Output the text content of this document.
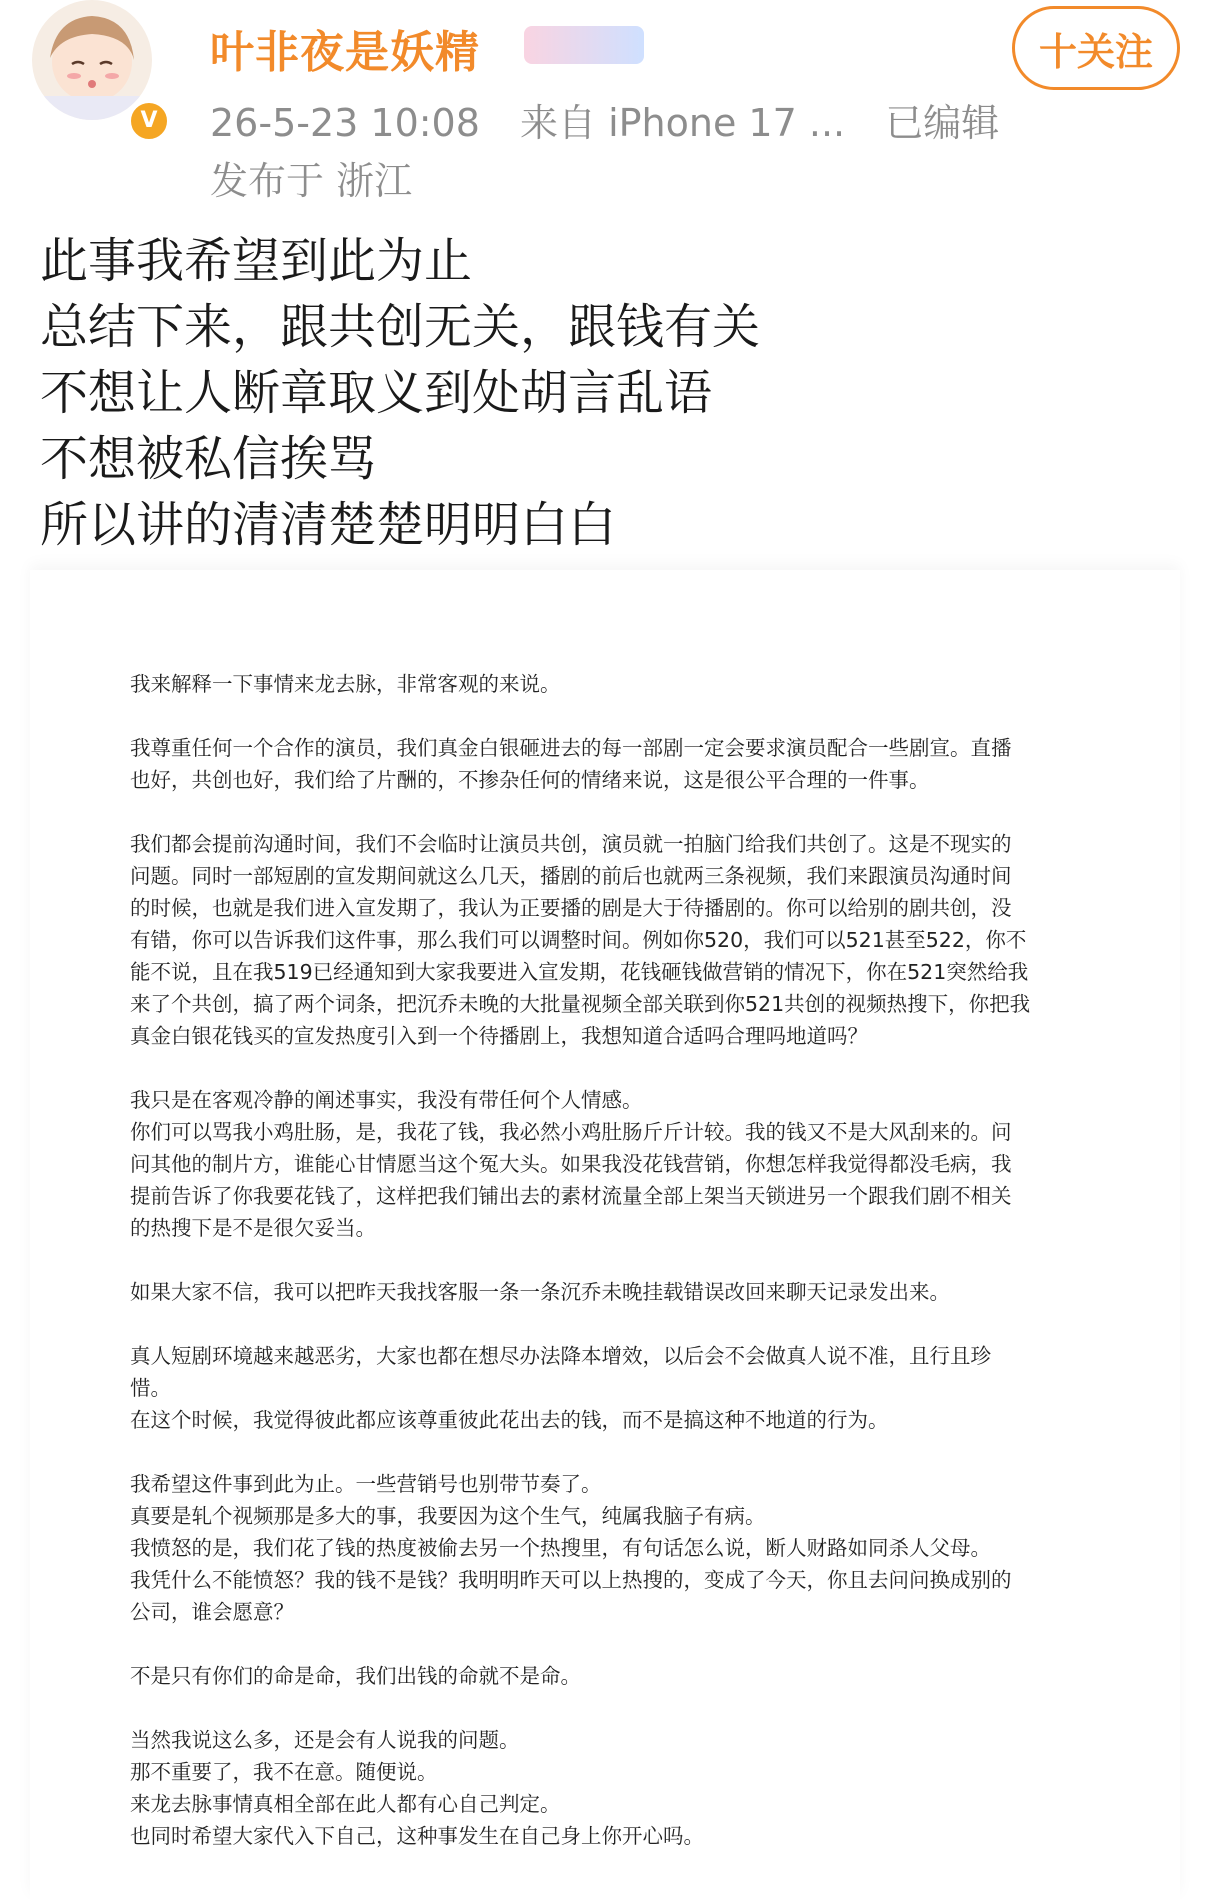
V
叶非夜是妖精
26-5-23 10:08 来自 iPhone 17 ... 已编辑
发布于 浙江
十关注
此事我希望到此为止
总结下来，跟共创无关，跟钱有关
不想让人断章取义到处胡言乱语
不想被私信挨骂
所以讲的清清楚楚明明白白
我来解释一下事情来龙去脉，非常客观的来说。
我尊重任何一个合作的演员，我们真金白银砸进去的每一部剧一定会要求演员配合一些剧宣。直播
也好，共创也好，我们给了片酬的，不掺杂任何的情绪来说，这是很公平合理的一件事。
我们都会提前沟通时间，我们不会临时让演员共创，演员就一拍脑门给我们共创了。这是不现实的
问题。同时一部短剧的宣发期间就这么几天，播剧的前后也就两三条视频，我们来跟演员沟通时间
的时候，也就是我们进入宣发期了，我认为正要播的剧是大于待播剧的。你可以给别的剧共创，没
有错，你可以告诉我们这件事，那么我们可以调整时间。例如你520，我们可以521甚至522，你不
能不说，且在我519已经通知到大家我要进入宣发期，花钱砸钱做营销的情况下，你在521突然给我
来了个共创，搞了两个词条，把沉乔未晚的大批量视频全部关联到你521共创的视频热搜下，你把我
真金白银花钱买的宣发热度引入到一个待播剧上，我想知道合适吗合理吗地道吗？
我只是在客观冷静的阐述事实，我没有带任何个人情感。
你们可以骂我小鸡肚肠，是，我花了钱，我必然小鸡肚肠斤斤计较。我的钱又不是大风刮来的。问
问其他的制片方，谁能心甘情愿当这个冤大头。如果我没花钱营销，你想怎样我觉得都没毛病，我
提前告诉了你我要花钱了，这样把我们铺出去的素材流量全部上架当天锁进另一个跟我们剧不相关
的热搜下是不是很欠妥当。
如果大家不信，我可以把昨天我找客服一条一条沉乔未晚挂载错误改回来聊天记录发出来。
真人短剧环境越来越恶劣，大家也都在想尽办法降本增效，以后会不会做真人说不准，且行且珍
惜。
在这个时候，我觉得彼此都应该尊重彼此花出去的钱，而不是搞这种不地道的行为。
我希望这件事到此为止。一些营销号也别带节奏了。
真要是轧个视频那是多大的事，我要因为这个生气，纯属我脑子有病。
我愤怒的是，我们花了钱的热度被偷去另一个热搜里，有句话怎么说，断人财路如同杀人父母。
我凭什么不能愤怒？我的钱不是钱？我明明昨天可以上热搜的，变成了今天，你且去问问换成别的
公司，谁会愿意？
不是只有你们的命是命，我们出钱的命就不是命。
当然我说这么多，还是会有人说我的问题。
那不重要了，我不在意。随便说。
来龙去脉事情真相全部在此人都有心自己判定。
也同时希望大家代入下自己，这种事发生在自己身上你开心吗。
